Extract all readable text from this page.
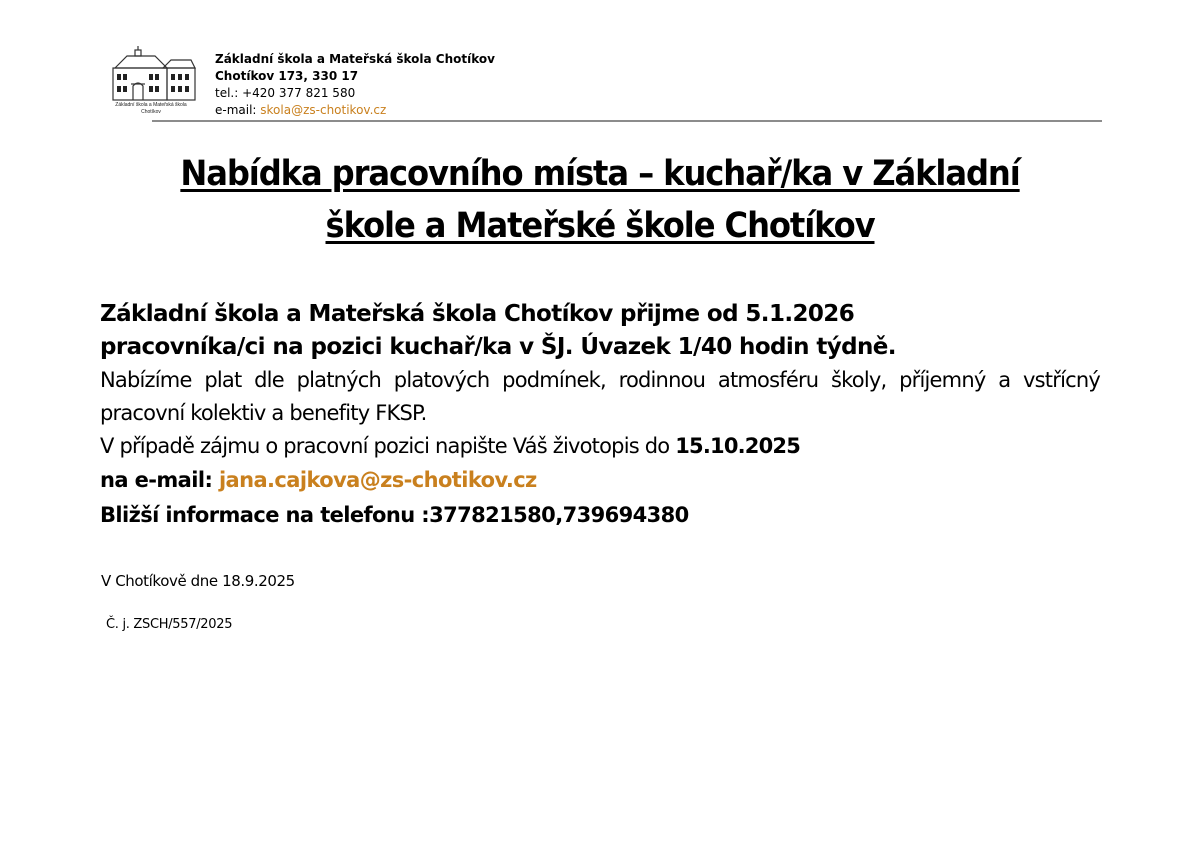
Základní škola a Mateřská škola
Chotíkov
Základní škola a Mateřská škola Chotíkov
Chotíkov 173, 330 17
tel.: +420 377 821 580
e-mail: skola@zs-chotikov.cz
Nabídka pracovního místa – kuchař/ka v Základní
škole a Mateřské škole Chotíkov
Základní škola a Mateřská škola Chotíkov přijme od 5.1.2026
pracovníka/ci na pozici kuchař/ka v ŠJ. Úvazek 1/40 hodin týdně.
Nabízíme plat dle platných platových podmínek, rodinnou atmosféru školy, příjemný a vstřícný pracovní kolektiv a benefity FKSP.
V případě zájmu o pracovní pozici napište Váš životopis do 15.10.2025
na e-mail: jana.cajkova@zs-chotikov.cz
Bližší informace na telefonu :377821580,739694380
V Chotíkově dne 18.9.2025
Č. j. ZSCH/557/2025
